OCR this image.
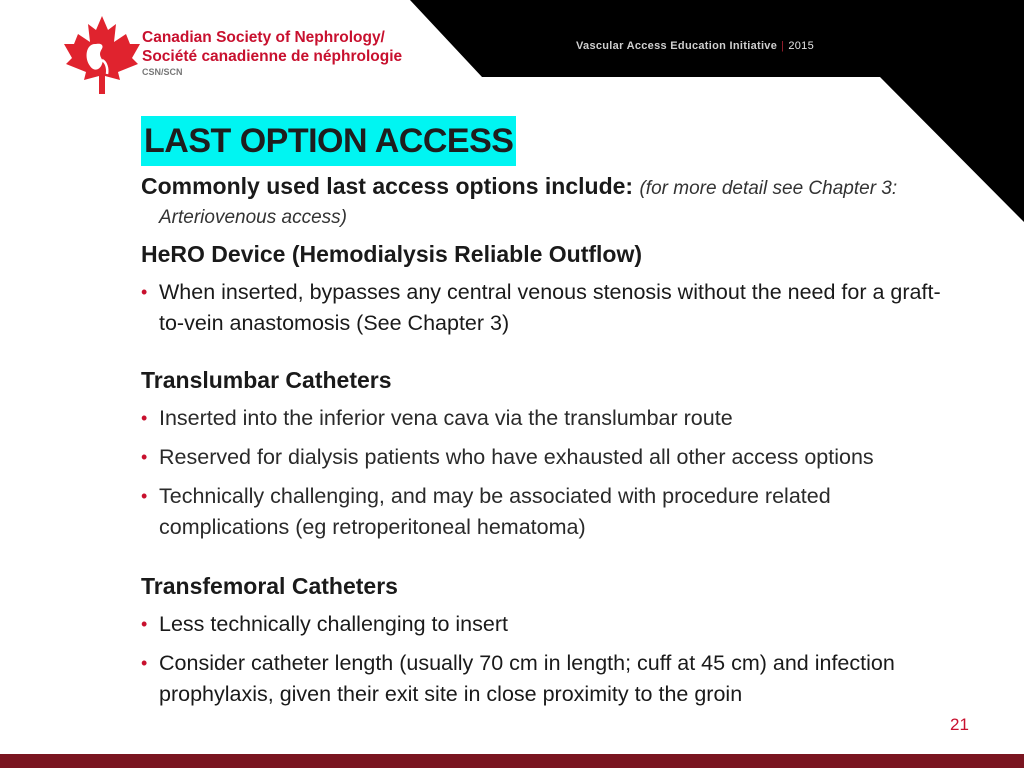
Vascular Access Education Initiative | 2015
Canadian Society of Nephrology/
Société canadienne de néphrologie
CSN/SCN
LAST OPTION ACCESS
Commonly used last access options include: (for more detail see Chapter 3:
Arteriovenous access)
HeRO Device (Hemodialysis Reliable Outflow)
• When inserted, bypasses any central venous stenosis without the need for a graft-to-vein anastomosis (See Chapter 3)
Translumbar Catheters
• Inserted into the inferior vena cava via the translumbar route
• Reserved for dialysis patients who have exhausted all other access options
• Technically challenging, and may be associated with procedure related complications (eg retroperitoneal hematoma)
Transfemoral Catheters
• Less technically challenging to insert
• Consider catheter length (usually 70 cm in length; cuff at 45 cm) and infection prophylaxis, given their exit site in close proximity to the groin
21
